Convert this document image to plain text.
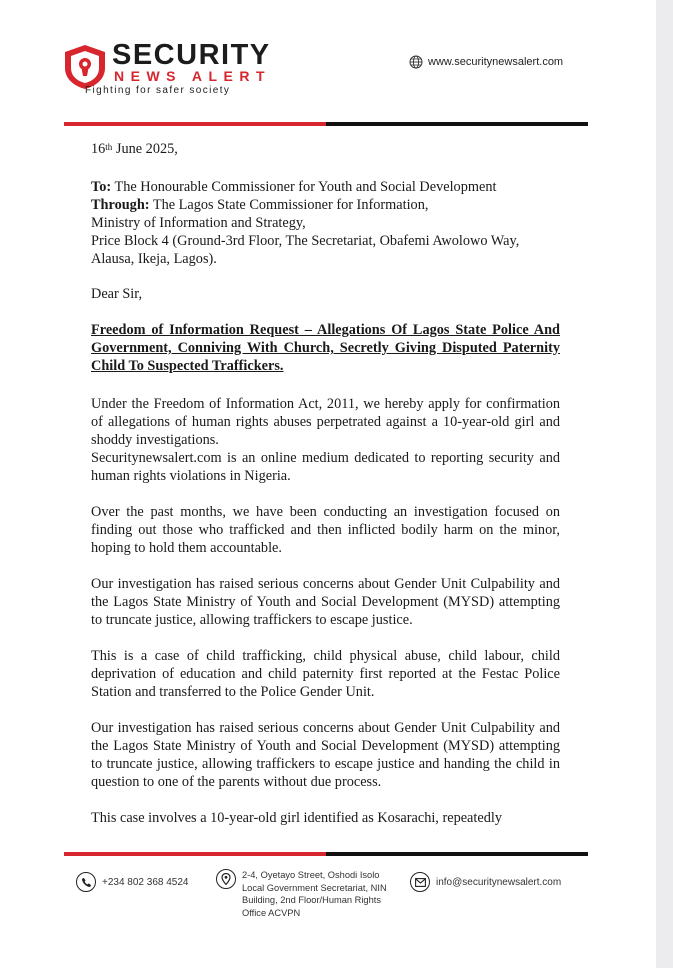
SECURITY
NEWS ALERT
Fighting for safer society
www.securitynewsalert.com

16th June 2025,

To: The Honourable Commissioner for Youth and Social Development

Through: The Lagos State Commissioner for Information,

Ministry of Information and Strategy,

Price Block 4 (Ground-3rd Floor, The Secretariat, Obafemi Awolowo Way,

Alausa, Ikeja, Lagos).

Dear Sir,

Freedom of Information Request – Allegations Of Lagos State Police And Government, Conniving With Church, Secretly Giving Disputed Paternity Child To Suspected Traffickers.

Under the Freedom of Information Act, 2011, we hereby apply for confirmation of allegations of human rights abuses perpetrated against a 10-year-old girl and shoddy investigations.

Securitynewsalert.com is an online medium dedicated to reporting security and human rights violations in Nigeria.

Over the past months, we have been conducting an investigation focused on finding out those who trafficked and then inflicted bodily harm on the minor, hoping to hold them accountable.

Our investigation has raised serious concerns about Gender Unit Culpability and the Lagos State Ministry of Youth and Social Development (MYSD) attempting to truncate justice, allowing traffickers to escape justice.

This is a case of child trafficking, child physical abuse, child labour, child deprivation of education and child paternity first reported at the Festac Police Station and transferred to the Police Gender Unit.

Our investigation has raised serious concerns about Gender Unit Culpability and the Lagos State Ministry of Youth and Social Development (MYSD) attempting to truncate justice, allowing traffickers to escape justice and handing the child in question to one of the parents without due process.

This case involves a 10-year-old girl identified as Kosarachi, repeatedly

+234 802 368 4524
2-4, Oyetayo Street, Oshodi Isolo Local Government Secretariat, NIN Building, 2nd Floor/Human Rights Office ACVPN
info@securitynewsalert.com
